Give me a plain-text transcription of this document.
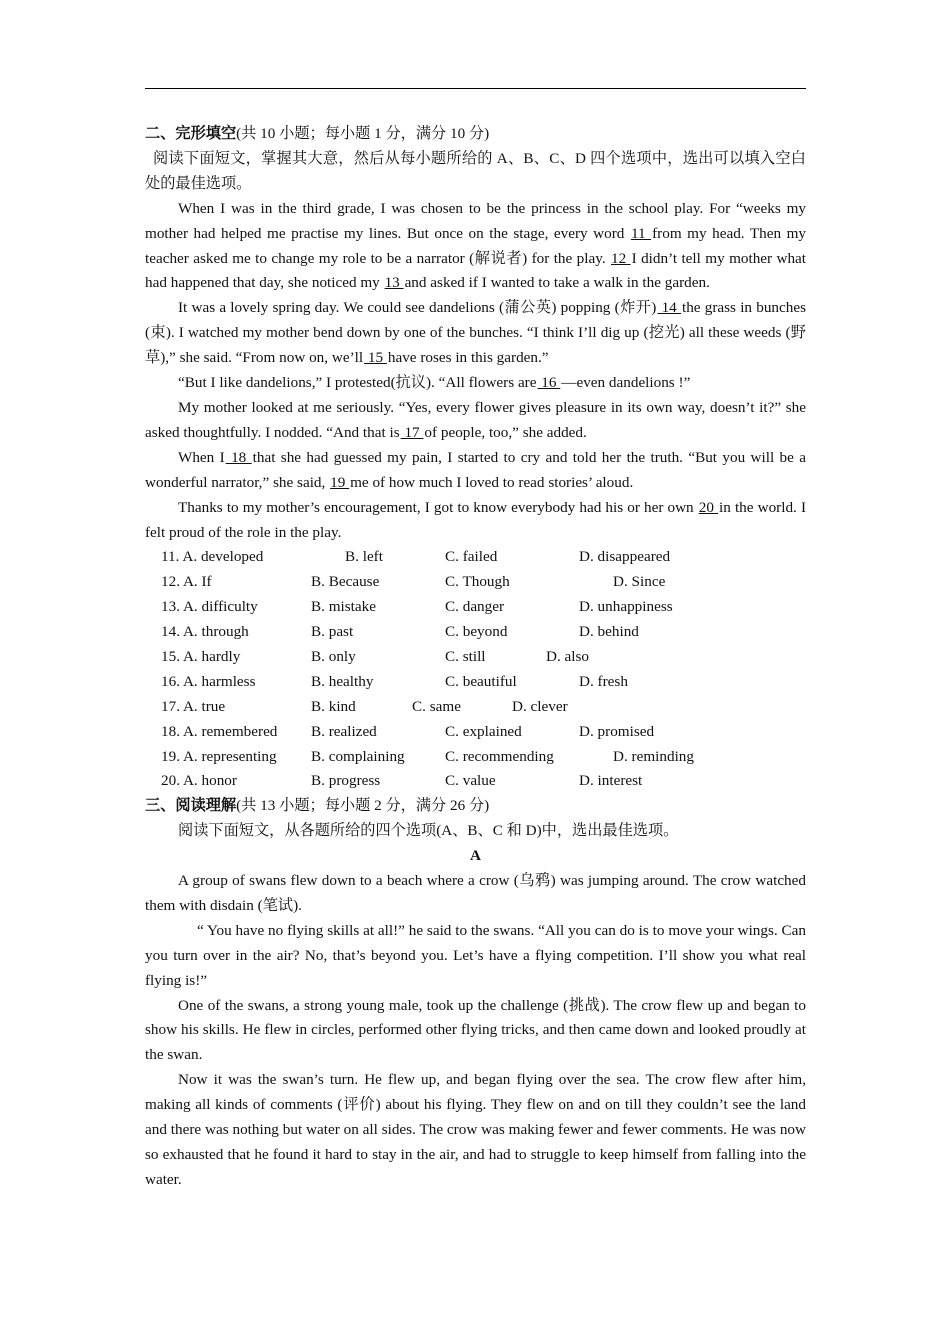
二、完形填空(共 10 小题；每小题 1 分，满分 10 分)

阅读下面短文，掌握其大意，然后从每小题所给的 A、B、C、D 四个选项中，选出可以填入空白处的最佳选项。

When I was in the third grade, I was chosen to be the princess in the school play. For “weeks my mother had helped me practise my lines. But once on the stage, every word 11 from my head. Then my teacher asked me to change my role to be a narrator (解说者) for the play. 12 I didn’t tell my mother what had happened that day, she noticed my 13 and asked if I wanted to take a walk in the garden.

It was a lovely spring day. We could see dandelions (蒲公英) popping (炸开) 14 the grass in bunches (束). I watched my mother bend down by one of the bunches. “I think I’ll dig up (挖光) all these weeds (野草),” she said. “From now on, we’ll 15 have roses in this garden.”

“But I like dandelions,” I protested(抗议). “All flowers are 16 —even dandelions !”

My mother looked at me seriously. “Yes, every flower gives pleasure in its own way, doesn’t it?” she asked thoughtfully. I nodded. “And that is 17 of people, too,” she added.

When I 18 that she had guessed my pain, I started to cry and told her the truth. “But you will be a wonderful narrator,” she said, 19 me of how much I loved to read stories’ aloud.

Thanks to my mother’s encouragement, I got to know everybody had his or her own 20 in the world. I felt proud of the role in the play.

11. A. developed	B. left	C. failed	D. disappeared
12. A. If	B. Because	C. Though	D. Since
13. A. difficulty	B. mistake	C. danger	D. unhappiness
14. A. through	B. past	C. beyond	D. behind
15. A. hardly	B. only	C. still	D. also
16. A. harmless	B. healthy	C. beautiful	D. fresh
17. A. true	B. kind	C. same	D. clever
18. A. remembered B. realized	C. explained	D. promised
19. A. representing B. complaining	C. recommending	D. reminding
20. A. honor	B. progress	C. value	D. interest

三、阅读理解(共 13 小题；每小题 2 分，满分 26 分)

阅读下面短文，从各题所给的四个选项(A、B、C 和 D)中，选出最佳选项。

A

A group of swans flew down to a beach where a crow (乌鸦) was jumping around. The crow watched them with disdain (笔试).

“ You have no flying skills at all!” he said to the swans. “All you can do is to move your wings. Can you turn over in the air? No, that’s beyond you. Let’s have a flying competition. I’ll show you what real flying is!”

One of the swans, a strong young male, took up the challenge (挑战). The crow flew up and began to show his skills. He flew in circles, performed other flying tricks, and then came down and looked proudly at the swan.

Now it was the swan’s turn. He flew up, and began flying over the sea. The crow flew after him, making all kinds of comments (评价) about his flying. They flew on and on till they couldn’t see the land and there was nothing but water on all sides. The crow was making fewer and fewer comments. He was now so exhausted that he found it hard to stay in the air, and had to struggle to keep himself from falling into the water.
